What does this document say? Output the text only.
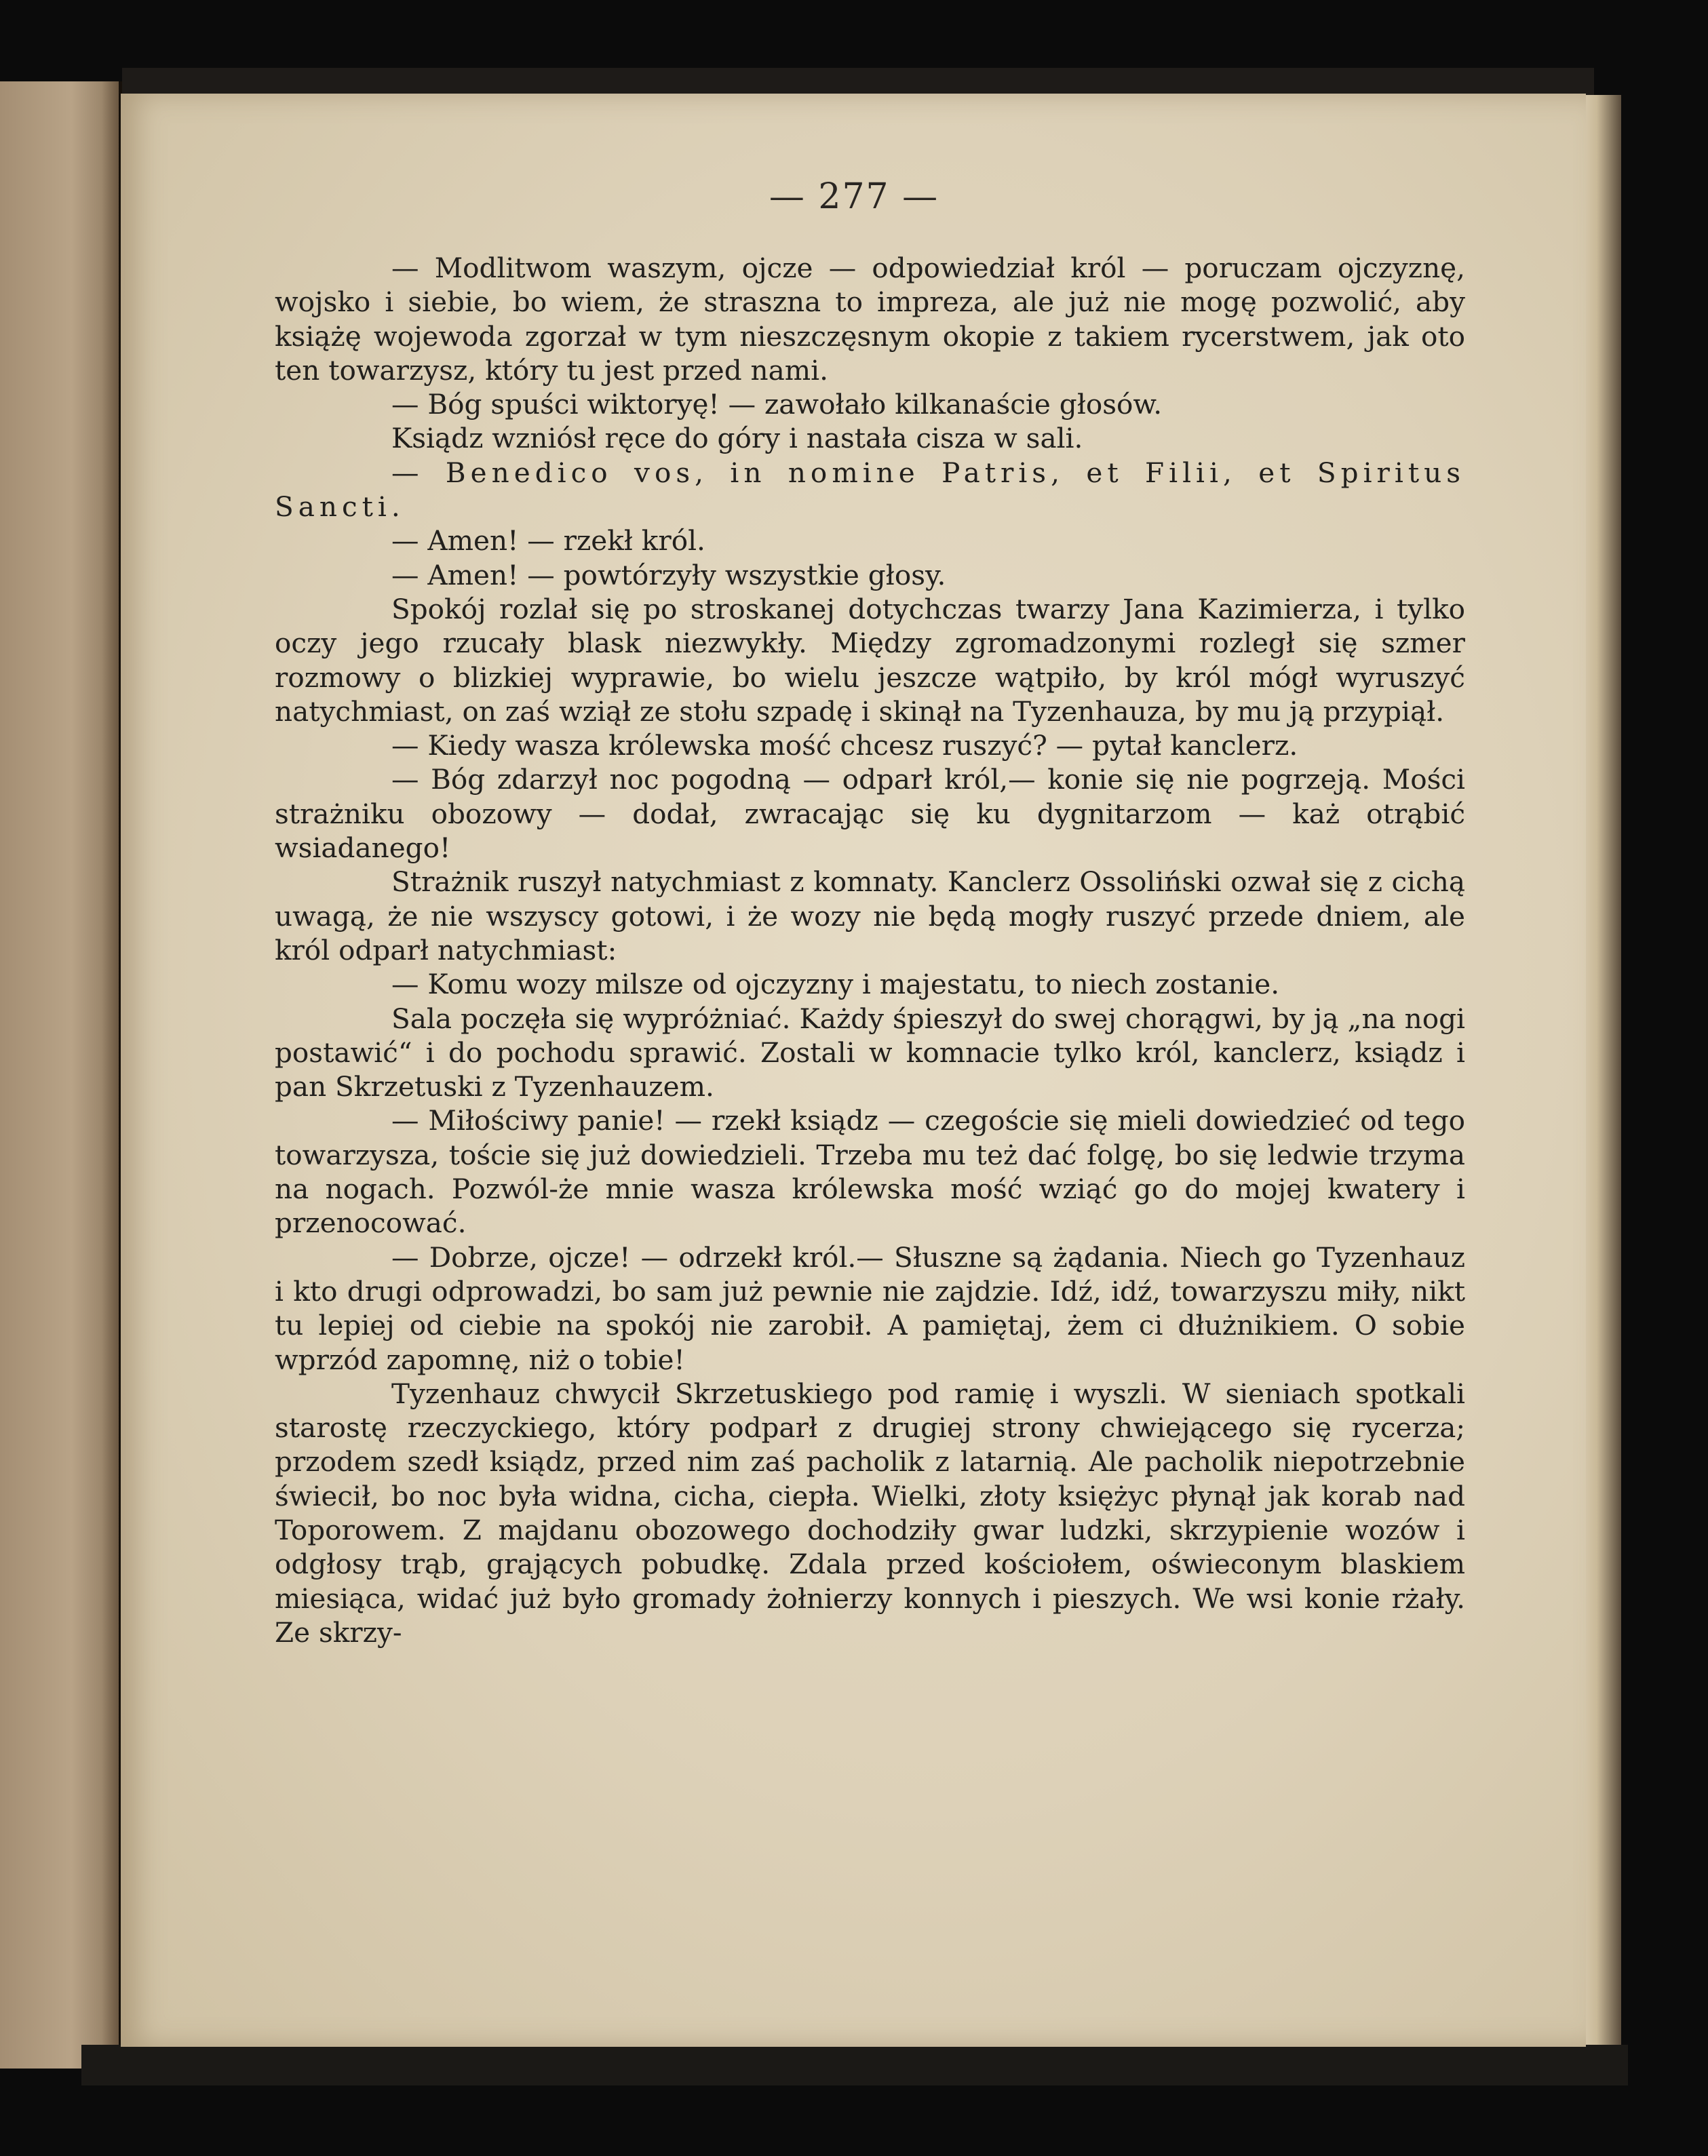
— 277 —

— Modlitwom waszym, ojcze — odpowiedział król — poruczam ojczyznę, wojsko i siebie, bo wiem, że straszna to impreza, ale już nie mogę pozwolić, aby książę wojewoda zgorzał w tym nieszczęsnym okopie z takiem rycerstwem, jak oto ten towarzysz, który tu jest przed nami.

— Bóg spuści wiktoryę! — zawołało kilkanaście głosów.

Ksiądz wzniósł ręce do góry i nastała cisza w sali.

— Benedico vos, in nomine Patris, et Filii, et Spiritus Sancti.

— Amen! — rzekł król.

— Amen! — powtórzyły wszystkie głosy.

Spokój rozlał się po stroskanej dotychczas twarzy Jana Kazimierza, i tylko oczy jego rzucały blask niezwykły. Między zgromadzonymi rozległ się szmer rozmowy o blizkiej wyprawie, bo wielu jeszcze wątpiło, by król mógł wyruszyć natychmiast, on zaś wziął ze stołu szpadę i skinął na Tyzenhauza, by mu ją przypiął.

— Kiedy wasza królewska mość chcesz ruszyć? — pytał kanclerz.

— Bóg zdarzył noc pogodną — odparł król,— konie się nie pogrzeją. Mości strażniku obozowy — dodał, zwracając się ku dygnitarzom — każ otrąbić wsiadanego!

Strażnik ruszył natychmiast z komnaty. Kanclerz Ossoliński ozwał się z cichą uwagą, że nie wszyscy gotowi, i że wozy nie będą mogły ruszyć przede dniem, ale król odparł natychmiast:

— Komu wozy milsze od ojczyzny i majestatu, to niech zostanie.

Sala poczęła się wypróżniać. Każdy śpieszył do swej chorągwi, by ją „na nogi postawić“ i do pochodu sprawić. Zostali w komnacie tylko król, kanclerz, ksiądz i pan Skrzetuski z Tyzenhauzem.

— Miłościwy panie! — rzekł ksiądz — czegoście się mieli dowiedzieć od tego towarzysza, toście się już dowiedzieli. Trzeba mu też dać folgę, bo się ledwie trzyma na nogach. Pozwól-że mnie wasza królewska mość wziąć go do mojej kwatery i przenocować.

— Dobrze, ojcze! — odrzekł król.— Słuszne są żądania. Niech go Tyzenhauz i kto drugi odprowadzi, bo sam już pewnie nie zajdzie. Idź, idź, towarzyszu miły, nikt tu lepiej od ciebie na spokój nie zarobił. A pamiętaj, żem ci dłużnikiem. O sobie wprzód zapomnę, niż o tobie!

Tyzenhauz chwycił Skrzetuskiego pod ramię i wyszli. W sieniach spotkali starostę rzeczyckiego, który podparł z drugiej strony chwiejącego się rycerza; przodem szedł ksiądz, przed nim zaś pacholik z latarnią. Ale pacholik niepotrzebnie świecił, bo noc była widna, cicha, ciepła. Wielki, złoty księżyc płynął jak korab nad Toporowem. Z majdanu obozowego dochodziły gwar ludzki, skrzypienie wozów i odgłosy trąb, grających pobudkę. Zdala przed kościołem, oświeconym blaskiem miesiąca, widać już było gromady żołnierzy konnych i pieszych. We wsi konie rżały. Ze skrzy-
